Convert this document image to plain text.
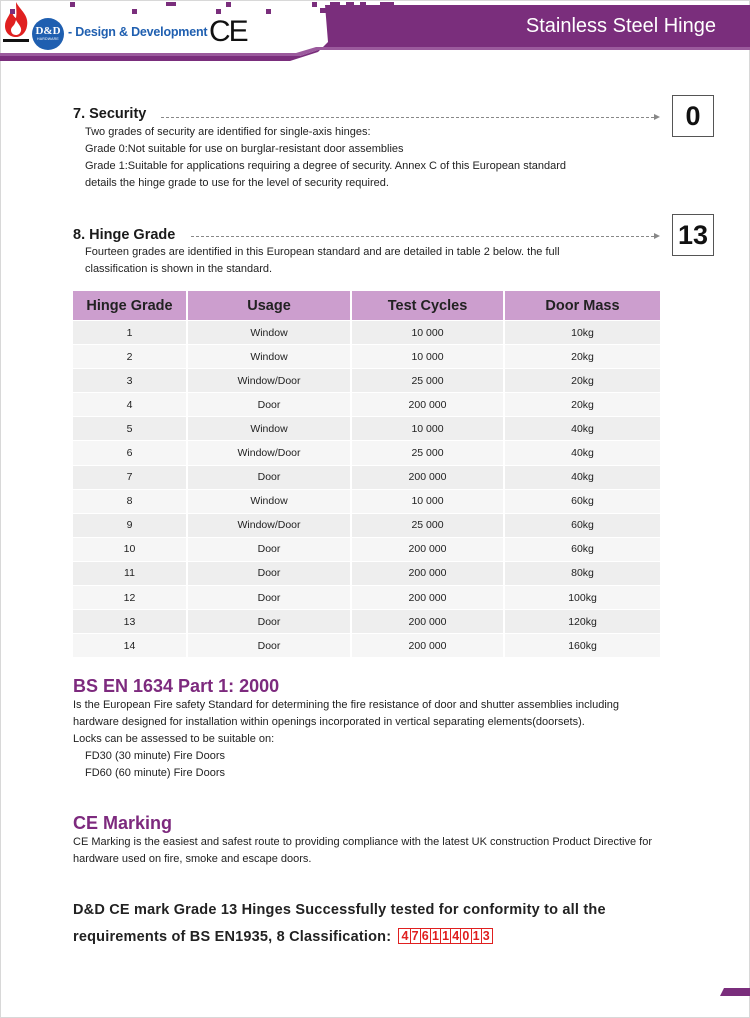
D&D
HARDWARE - Design & Development CE	Stainless Steel Hinge
7. Security	0

Two grades of security are identified for single-axis hinges:

Grade 0:Not suitable for use on burglar-resistant door assemblies

Grade 1:Suitable for applications requiring a degree of security. Annex C of this European standard

details the hinge grade to use for the level of security required.

8. Hinge Grade	13

Fourteen grades are identified in this European standard and are detailed in table 2 below. the full

classification is shown in the standard.

Hinge Grade	Usage	Test Cycles	Door Mass
1	Window	10 000	10kg
2	Window	10 000	20kg
3	Window/Door	25 000	20kg
4	Door	200 000	20kg
5	Window	10 000	40kg
6	Window/Door	25 000	40kg
7	Door	200 000	40kg
8	Window	10 000	60kg
9	Window/Door	25 000	60kg
10	Door	200 000	60kg
11	Door	200 000	80kg
12	Door	200 000	100kg
13	Door	200 000	120kg
14	Door	200 000	160kg
BS EN 1634 Part 1: 2000

Is the European Fire safety Standard for determining the fire resistance of door and shutter assemblies including

hardware designed for installation within openings incorporated in vertical separating elements(doorsets).

Locks can be assessed to be suitable on:

FD30 (30 minute) Fire Doors

FD60 (60 minute) Fire Doors

CE Marking

CE Marking is the easiest and safest route to providing compliance with the latest UK construction Product Directive for

hardware used on fire, smoke and escape doors.

D&D CE mark Grade 13 Hinges Successfully tested for conformity to all the
requirements of BS EN1935, 8 Classification: 4 7 6 1 1 4 0 1 3
